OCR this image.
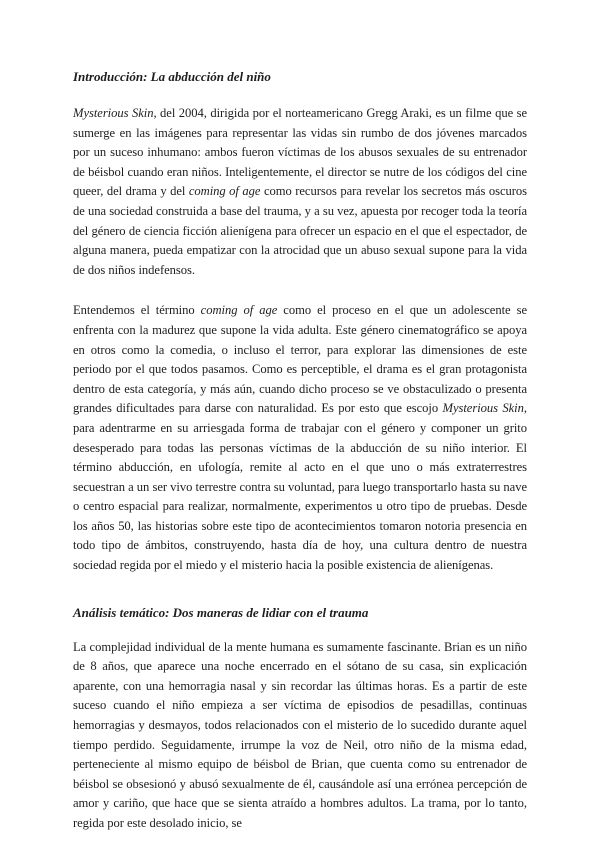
Introducción: La abducción del niño

Mysterious Skin, del 2004, dirigida por el norteamericano Gregg Araki, es un filme que se sumerge en las imágenes para representar las vidas sin rumbo de dos jóvenes marcados por un suceso inhumano: ambos fueron víctimas de los abusos sexuales de su entrenador de béisbol cuando eran niños. Inteligentemente, el director se nutre de los códigos del cine queer, del drama y del coming of age como recursos para revelar los secretos más oscuros de una sociedad construida a base del trauma, y a su vez, apuesta por recoger toda la teoría del género de ciencia ficción alienígena para ofrecer un espacio en el que el espectador, de alguna manera, pueda empatizar con la atrocidad que un abuso sexual supone para la vida de dos niños indefensos.

Entendemos el término coming of age como el proceso en el que un adolescente se enfrenta con la madurez que supone la vida adulta. Este género cinematográfico se apoya en otros como la comedia, o incluso el terror, para explorar las dimensiones de este periodo por el que todos pasamos. Como es perceptible, el drama es el gran protagonista dentro de esta categoría, y más aún, cuando dicho proceso se ve obstaculizado o presenta grandes dificultades para darse con naturalidad. Es por esto que escojo Mysterious Skin, para adentrarme en su arriesgada forma de trabajar con el género y componer un grito desesperado para todas las personas víctimas de la abducción de su niño interior. El término abducción, en ufología, remite al acto en el que uno o más extraterrestres secuestran a un ser vivo terrestre contra su voluntad, para luego transportarlo hasta su nave o centro espacial para realizar, normalmente, experimentos u otro tipo de pruebas. Desde los años 50, las historias sobre este tipo de acontecimientos tomaron notoria presencia en todo tipo de ámbitos, construyendo, hasta día de hoy, una cultura dentro de nuestra sociedad regida por el miedo y el misterio hacia la posible existencia de alienígenas.

Análisis temático: Dos maneras de lidiar con el trauma

La complejidad individual de la mente humana es sumamente fascinante. Brian es un niño de 8 años, que aparece una noche encerrado en el sótano de su casa, sin explicación aparente, con una hemorragia nasal y sin recordar las últimas horas. Es a partir de este suceso cuando el niño empieza a ser víctima de episodios de pesadillas, continuas hemorragias y desmayos, todos relacionados con el misterio de lo sucedido durante aquel tiempo perdido. Seguidamente, irrumpe la voz de Neil, otro niño de la misma edad, perteneciente al mismo equipo de béisbol de Brian, que cuenta como su entrenador de béisbol se obsesionó y abusó sexualmente de él, causándole así una errónea percepción de amor y cariño, que hace que se sienta atraído a hombres adultos. La trama, por lo tanto, regida por este desolado inicio, se
